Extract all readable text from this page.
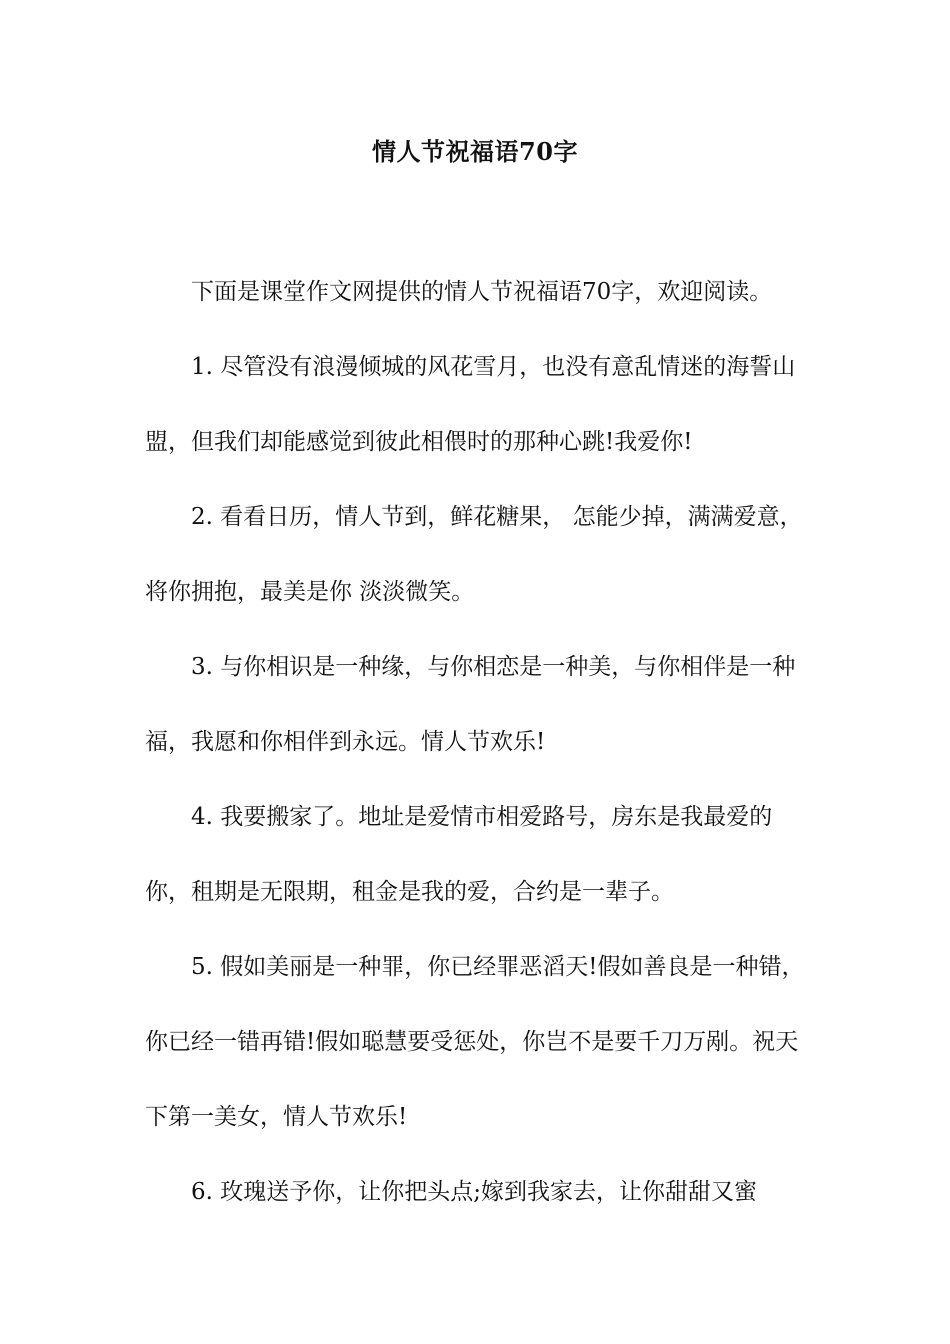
情人节祝福语70字

下面是课堂作文网提供的情人节祝福语70字，欢迎阅读。

1. 尽管没有浪漫倾城的风花雪月，也没有意乱情迷的海誓山盟，但我们却能感觉到彼此相偎时的那种心跳!我爱你!

2. 看看日历，情人节到，鲜花糖果， 怎能少掉，满满爱意，将你拥抱，最美是你 淡淡微笑。

3. 与你相识是一种缘，与你相恋是一种美，与你相伴是一种福，我愿和你相伴到永远。情人节欢乐!

4. 我要搬家了。地址是爱情市相爱路号，房东是我最爱的你，租期是无限期，租金是我的爱，合约是一辈子。

5. 假如美丽是一种罪，你已经罪恶滔天!假如善良是一种错，你已经一错再错!假如聪慧要受惩处，你岂不是要千刀万剐。祝天下第一美女，情人节欢乐!

6. 玫瑰送予你，让你把头点;嫁到我家去，让你甜甜又蜜
